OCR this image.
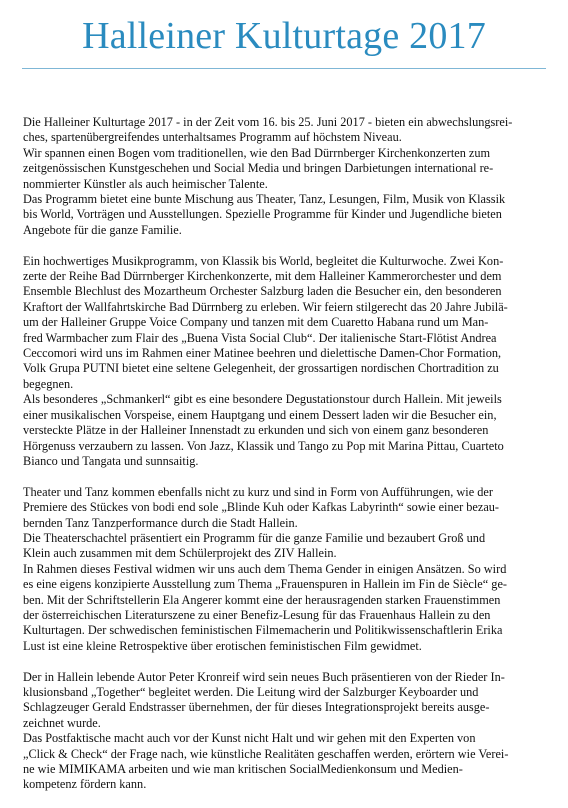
Halleiner Kulturtage 2017

Die Halleiner Kulturtage 2017 - in der Zeit vom 16. bis 25. Juni 2017 - bieten ein abwechslungsrei-
ches, spartenübergreifendes unterhaltsames Programm auf höchstem Niveau.
Wir spannen einen Bogen vom traditionellen, wie den Bad Dürrnberger Kirchenkonzerten zum
zeitgenössischen Kunstgeschehen und Social Media und bringen Darbietungen international re-
nommierter Künstler als auch heimischer Talente.
Das Programm bietet eine bunte Mischung aus Theater, Tanz, Lesungen, Film, Musik von Klassik
bis World, Vorträgen und Ausstellungen. Spezielle Programme für Kinder und Jugendliche bieten
Angebote für die ganze Familie.

Ein hochwertiges Musikprogramm, von Klassik bis World, begleitet die Kulturwoche. Zwei Kon-
zerte der Reihe Bad Dürrnberger Kirchenkonzerte, mit dem Halleiner Kammerorchester und dem
Ensemble Blechlust des Mozartheum Orchester Salzburg laden die Besucher ein, den besonderen
Kraftort der Wallfahrtskirche Bad Dürrnberg zu erleben. Wir feiern stilgerecht das 20 Jahre Jubilä-
um der Halleiner Gruppe Voice Company und tanzen mit dem Cuaretto Habana rund um Man-
fred Warmbacher zum Flair des „Buena Vista Social Club“. Der italienische Start-Flötist Andrea
Ceccomori wird uns im Rahmen einer Matinee beehren und dielettische Damen-Chor Formation,
Volk Grupa PUTNI bietet eine seltene Gelegenheit, der grossartigen nordischen Chortradition zu
begegnen.
Als besonderes „Schmankerl“ gibt es eine besondere Degustationstour durch Hallein. Mit jeweils
einer musikalischen Vorspeise, einem Hauptgang und einem Dessert laden wir die Besucher ein,
versteckte Plätze in der Halleiner Innenstadt zu erkunden und sich von einem ganz besonderen
Hörgenuss verzaubern zu lassen. Von Jazz, Klassik und Tango zu Pop mit Marina Pittau, Cuarteto
Bianco und Tangata und sunnsaitig.

Theater und Tanz kommen ebenfalls nicht zu kurz und sind in Form von Aufführungen, wie der
Premiere des Stückes von bodi end sole „Blinde Kuh oder Kafkas Labyrinth“ sowie einer bezau-
bernden Tanz Tanzperformance durch die Stadt Hallein.
Die Theaterschachtel präsentiert ein Programm für die ganze Familie und bezaubert Groß und
Klein auch zusammen mit dem Schülerprojekt des ZIV Hallein.
In Rahmen dieses Festival widmen wir uns auch dem Thema Gender in einigen Ansätzen. So wird
es eine eigens konzipierte Ausstellung zum Thema „Frauenspuren in Hallein im Fin de Siècle“ ge-
ben. Mit der Schriftstellerin Ela Angerer kommt eine der herausragenden starken Frauenstimmen
der österreichischen Literaturszene zu einer Benefiz-Lesung für das Frauenhaus Hallein zu den
Kulturtagen. Der schwedischen feministischen Filmemacherin und Politikwissenschaftlerin Erika
Lust ist eine kleine Retrospektive über erotischen feministischen Film gewidmet.

Der in Hallein lebende Autor Peter Kronreif wird sein neues Buch präsentieren von der Rieder In-
klusionsband „Together“ begleitet werden. Die Leitung wird der Salzburger Keyboarder und
Schlagzeuger Gerald Endstrasser übernehmen, der für dieses Integrationsprojekt bereits ausge-
zeichnet wurde.
Das Postfaktische macht auch vor der Kunst nicht Halt und wir gehen mit den Experten von
„Click & Check“ der Frage nach, wie künstliche Realitäten geschaffen werden, erörtern wie Verei-
ne wie MIMIKAMA arbeiten und wie man kritischen SocialMedienkonsum und Medien-
kompetenz fördern kann.
